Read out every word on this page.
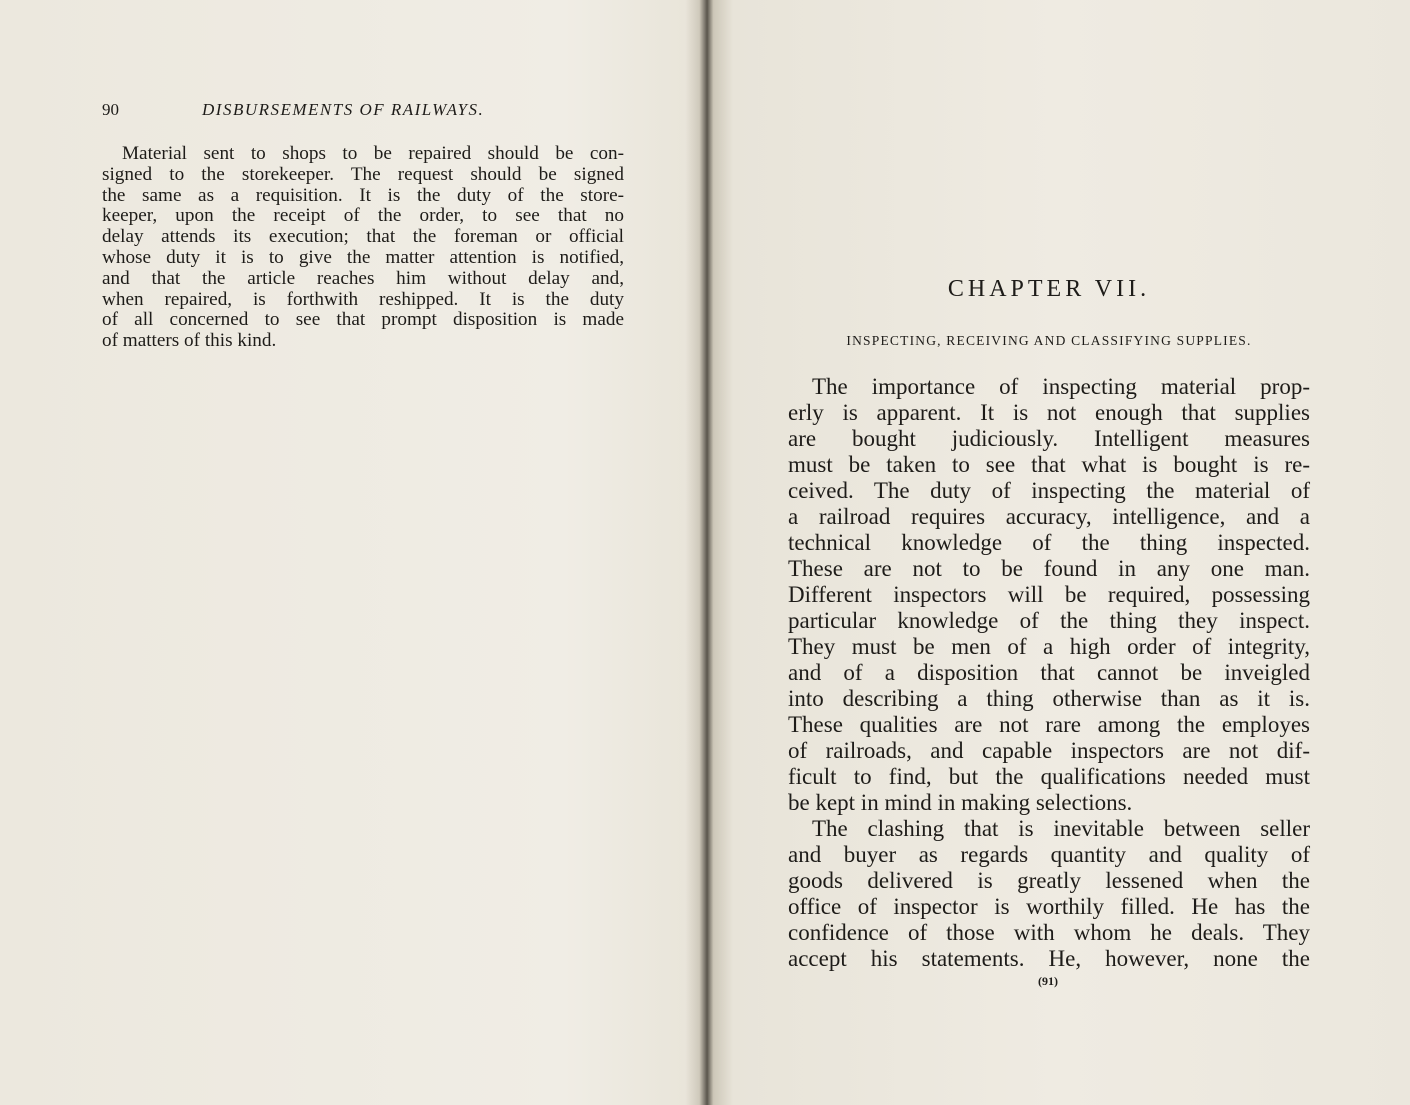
90	DISBURSEMENTS OF RAILWAYS.
Material sent to shops to be repaired should be con-
signed to the storekeeper. The request should be signed
the same as a requisition. It is the duty of the store-
keeper, upon the receipt of the order, to see that no
delay attends its execution; that the foreman or official
whose duty it is to give the matter attention is notified,
and that the article reaches him without delay and,
when repaired, is forthwith reshipped. It is the duty
of all concerned to see that prompt disposition is made
of matters of this kind.
CHAPTER VII.
INSPECTING, RECEIVING AND CLASSIFYING SUPPLIES.
The importance of inspecting material prop-
erly is apparent. It is not enough that supplies
are bought judiciously. Intelligent measures
must be taken to see that what is bought is re-
ceived. The duty of inspecting the material of
a railroad requires accuracy, intelligence, and a
technical knowledge of the thing inspected.
These are not to be found in any one man.
Different inspectors will be required, possessing
particular knowledge of the thing they inspect.
They must be men of a high order of integrity,
and of a disposition that cannot be inveigled
into describing a thing otherwise than as it is.
These qualities are not rare among the employes
of railroads, and capable inspectors are not dif-
ficult to find, but the qualifications needed must
be kept in mind in making selections.
The clashing that is inevitable between seller
and buyer as regards quantity and quality of
goods delivered is greatly lessened when the
office of inspector is worthily filled. He has the
confidence of those with whom he deals. They
accept his statements. He, however, none the
(91)
